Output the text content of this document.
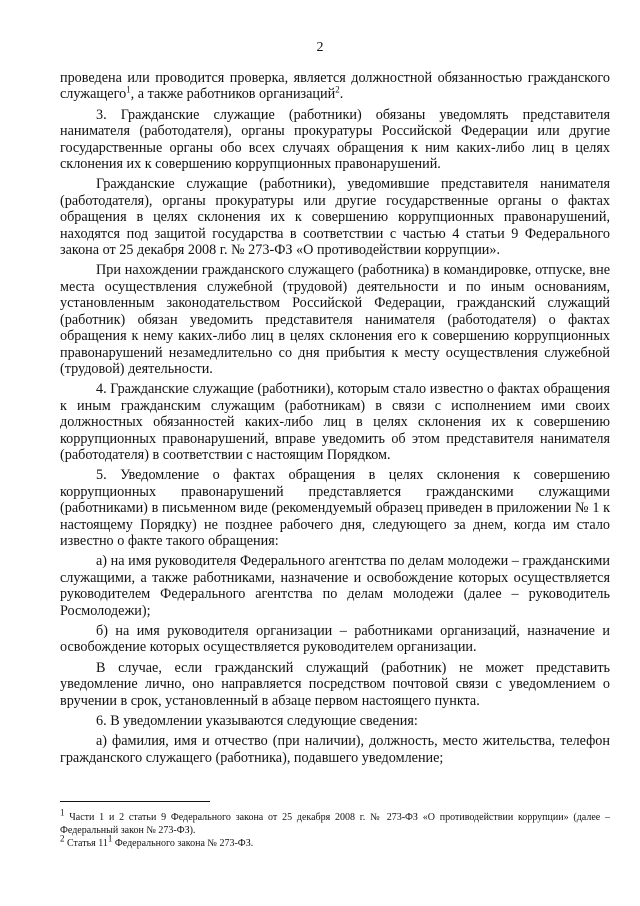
2

проведена или проводится проверка, является должностной обязанностью гражданского служащего$^1$, а также работников организаций$^2$.

3. Гражданские служащие (работники) обязаны уведомлять представителя нанимателя (работодателя), органы прокуратуры Российской Федерации или другие государственные органы обо всех случаях обращения к ним каких-либо лиц в целях склонения их к совершению коррупционных правонарушений.

Гражданские служащие (работники), уведомившие представителя нанимателя (работодателя), органы прокуратуры или другие государственные органы о фактах обращения в целях склонения их к совершению коррупционных правонарушений, находятся под защитой государства в соответствии с частью 4 статьи 9 Федерального закона от 25 декабря 2008 г. № 273-ФЗ «О противодействии коррупции».

При нахождении гражданского служащего (работника) в командировке, отпуске, вне места осуществления служебной (трудовой) деятельности и по иным основаниям, установленным законодательством Российской Федерации, гражданский служащий (работник) обязан уведомить представителя нанимателя (работодателя) о фактах обращения к нему каких-либо лиц в целях склонения его к совершению коррупционных правонарушений незамедлительно со дня прибытия к месту осуществления служебной (трудовой) деятельности.

4. Гражданские служащие (работники), которым стало известно о фактах обращения к иным гражданским служащим (работникам) в связи с исполнением ими своих должностных обязанностей каких-либо лиц в целях склонения их к совершению коррупционных правонарушений, вправе уведомить об этом представителя нанимателя (работодателя) в соответствии с настоящим Порядком.

5. Уведомление о фактах обращения в целях склонения к совершению коррупционных правонарушений представляется гражданскими служащими (работниками) в письменном виде (рекомендуемый образец приведен в приложении № 1 к настоящему Порядку) не позднее рабочего дня, следующего за днем, когда им стало известно о факте такого обращения:

а) на имя руководителя Федерального агентства по делам молодежи – гражданскими служащими, а также работниками, назначение и освобождение которых осуществляется руководителем Федерального агентства по делам молодежи (далее – руководитель Росмолодежи);

б) на имя руководителя организации – работниками организаций, назначение и освобождение которых осуществляется руководителем организации.

В случае, если гражданский служащий (работник) не может представить уведомление лично, оно направляется посредством почтовой связи с уведомлением о вручении в срок, установленный в абзаце первом настоящего пункта.

6. В уведомлении указываются следующие сведения:

а) фамилия, имя и отчество (при наличии), должность, место жительства, телефон гражданского служащего (работника), подавшего уведомление;

$^1$ Части 1 и 2 статьи 9 Федерального закона от 25 декабря 2008 г. № 273-ФЗ «О противодействии коррупции» (далее – Федеральный закон № 273-ФЗ).

$^2$ Статья $11^1$ Федерального закона № 273-ФЗ.
